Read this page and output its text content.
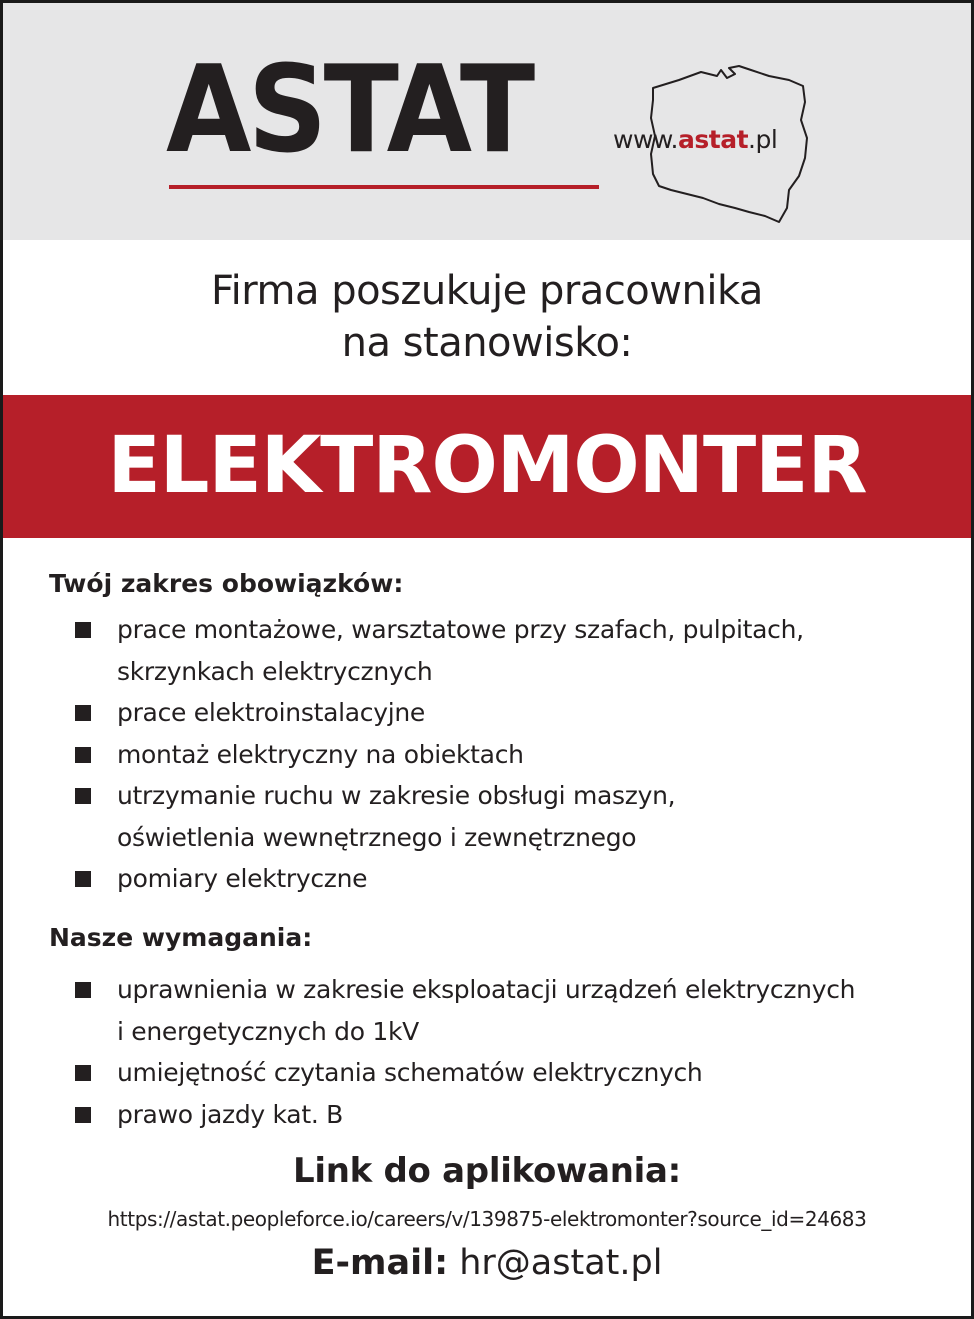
ASTAT	www.astat.pl
Firma poszukuje pracownika
na stanowisko:
ELEKTROMONTER
Twój zakres obowiązków:
prace montażowe, warsztatowe przy szafach, pulpitach,
skrzynkach elektrycznych
prace elektroinstalacyjne
montaż elektryczny na obiektach
utrzymanie ruchu w zakresie obsługi maszyn,
oświetlenia wewnętrznego i zewnętrznego
pomiary elektryczne
Nasze wymagania:
uprawnienia w zakresie eksploatacji urządzeń elektrycznych
i energetycznych do 1kV
umiejętność czytania schematów elektrycznych
prawo jazdy kat. B
Link do aplikowania:
https://astat.peopleforce.io/careers/v/139875-elektromonter?source_id=24683
E-mail: hr@astat.pl
